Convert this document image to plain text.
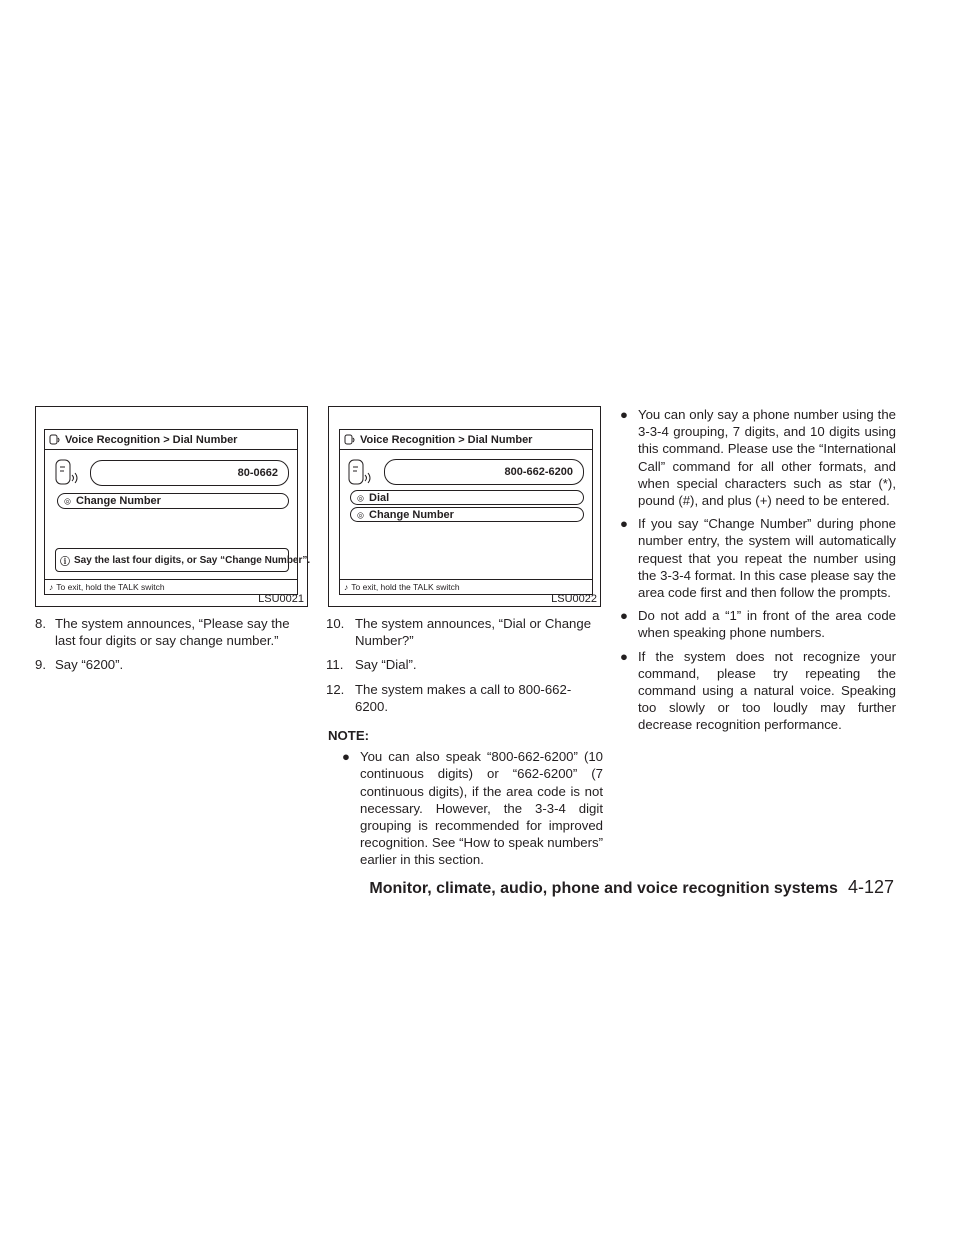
Voice Recognition > Dial Number
80-0662
◎ Change Number
ⓘ Say the last four digits, or Say “Change Number”.
♪ To exit, hold the TALK switch
LSU0021
Voice Recognition > Dial Number
800-662-6200
◎ Dial
◎ Change Number
♪ To exit, hold the TALK switch
LSU0022
8. The system announces, “Please say the last four digits or say change number.”
9. Say “6200”.
10. The system announces, “Dial or Change Number?”
11. Say “Dial”.
12. The system makes a call to 800-662- 6200.
NOTE:
● You can also speak “800-662-6200” (10 continuous digits) or “662-6200” (7 continuous digits), if the area code is not necessary. However, the 3-3-4 digit grouping is recommended for improved recognition. See “How to speak numbers” earlier in this section.
● You can only say a phone number using the 3-3-4 grouping, 7 digits, and 10 digits using this command. Please use the “International Call” command for all other formats, and when special characters such as star (*), pound (#), and plus (+) need to be entered.
● If you say “Change Number” during phone number entry, the system will automatically request that you repeat the number using the 3-3-4 format. In this case please say the area code first and then follow the prompts.
● Do not add a “1” in front of the area code when speaking phone numbers.
● If the system does not recognize your command, please try repeating the command using a natural voice. Speaking too slowly or too loudly may further decrease recognition performance.
Monitor, climate, audio, phone and voice recognition systems 4-127
